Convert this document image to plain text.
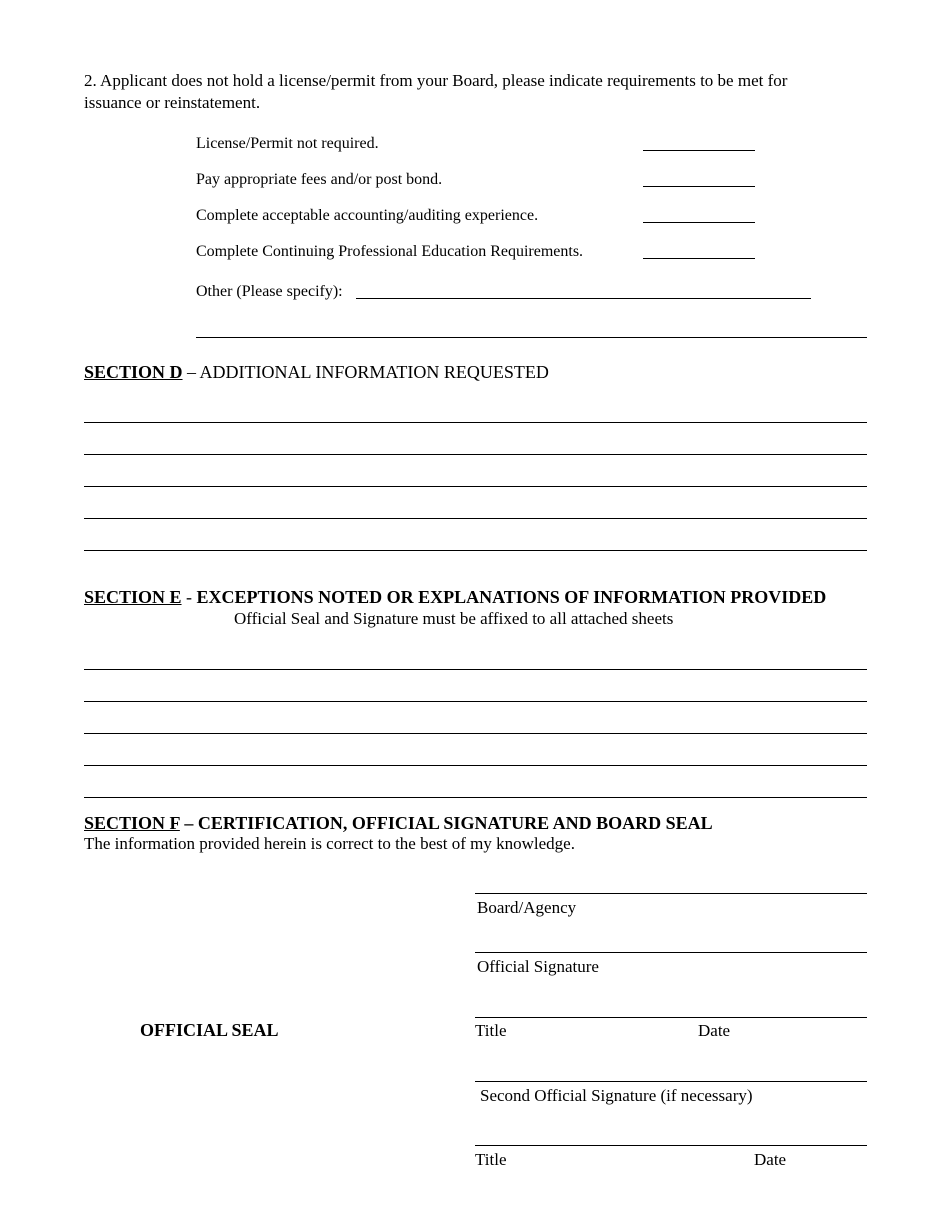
2. Applicant does not hold a license/permit from your Board, please indicate requirements to be met for
issuance or reinstatement.
License/Permit not required.
Pay appropriate fees and/or post bond.
Complete acceptable accounting/auditing experience.
Complete Continuing Professional Education Requirements.
Other (Please specify):
SECTION D – ADDITIONAL INFORMATION REQUESTED
SECTION E - EXCEPTIONS NOTED OR EXPLANATIONS OF INFORMATION PROVIDED
Official Seal and Signature must be affixed to all attached sheets
SECTION F – CERTIFICATION, OFFICIAL SIGNATURE AND BOARD SEAL
The information provided herein is correct to the best of my knowledge.
Board/Agency
Official Signature
OFFICIAL SEAL	Title	Date
Second Official Signature (if necessary)
Title	Date
